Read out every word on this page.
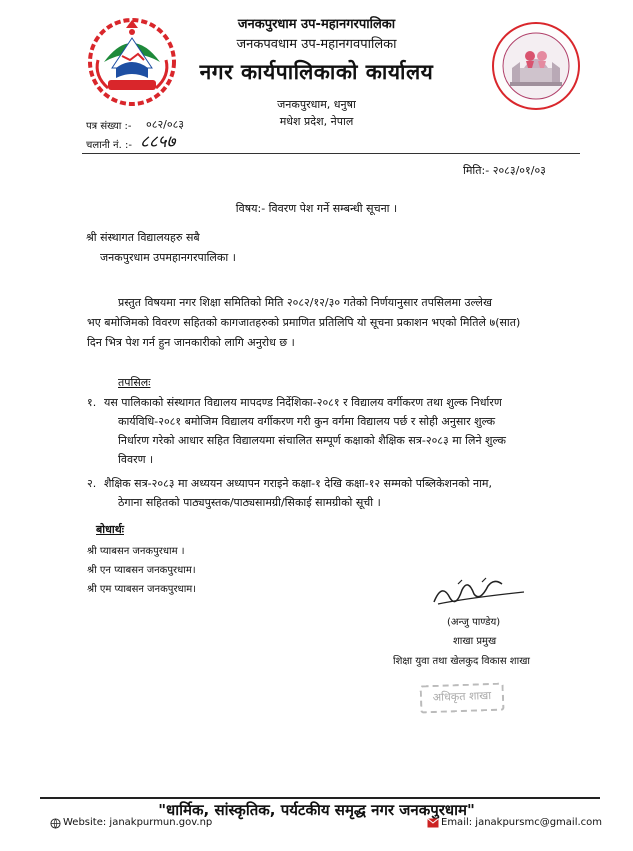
जनकपुरधाम उप-महानगरपालिका
जनकपवधाम उप-महानगवपालिका
नगर कार्यपालिकाको कार्यालय
जनकपुरधाम, धनुषा
मधेश प्रदेश, नेपाल
पत्र संख्या :- ०८२/०८३
चलानी नं. :- ८८५७
मिति:- २०८३/०१/०३
विषय:- विवरण पेश गर्ने सम्बन्धी सूचना ।
श्री संस्थागत विद्यालयहरु सबै
जनकपुरधाम उपमहानगरपालिका ।
प्रस्तुत विषयमा नगर शिक्षा समितिको मिति २०८२/१२/३० गतेको निर्णयानुसार तपसिलमा उल्लेख
भए बमोजिमको विवरण सहितको कागजातहरुको प्रमाणित प्रतिलिपि यो सूचना प्रकाशन भएको मितिले ७(सात)
दिन भित्र पेश गर्न हुन जानकारीको लागि अनुरोध छ ।
तपसिलः
१. यस पालिकाको संस्थागत विद्यालय मापदण्ड निर्देशिका-२०८१ र विद्यालय वर्गीकरण तथा शुल्क निर्धारण
कार्यविधि-२०८१ बमोजिम विद्यालय वर्गीकरण गरी कुन वर्गमा विद्यालय पर्छ र सोही अनुसार शुल्क
निर्धारण गरेको आधार सहित विद्यालयमा संचालित सम्पूर्ण कक्षाको शैक्षिक सत्र-२०८३ मा लिने शुल्क
विवरण ।
२. शैक्षिक सत्र-२०८३ मा अध्ययन अध्यापन गराइने कक्षा-१ देखि कक्षा-१२ सम्मको पब्लिकेशनको नाम,
ठेगाना सहितको पाठ्यपुस्तक/पाठ्यसामग्री/सिकाई सामग्रीको सूची ।
बोधार्थः
श्री प्याबसन जनकपुरधाम ।
श्री एन प्याबसन जनकपुरधाम।
श्री एम प्याबसन जनकपुरधाम।
(अन्जु पाण्डेय)
शाखा प्रमुख
शिक्षा युवा तथा खेलकुद विकास शाखा
अधिकृत शाखा
"धार्मिक, सांस्कृतिक, पर्यटकीय समृद्ध नगर जनकपुरधाम"
Website: janakpurmun.gov.np	Email: janakpursmc@gmail.com
